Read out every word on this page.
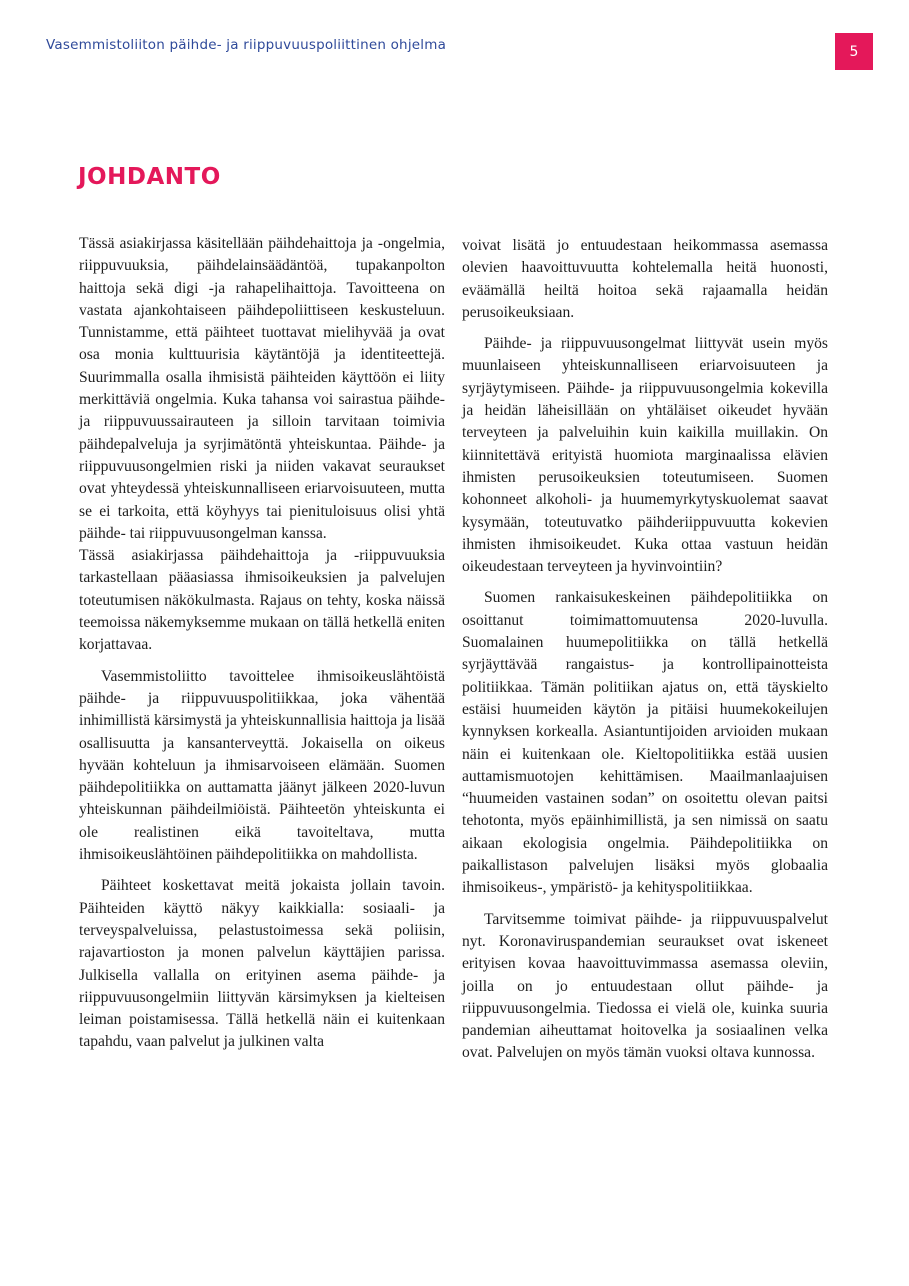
Vasemmistoliiton päihde- ja riippuvuuspoliittinen ohjelma	5
JOHDANTO

Tässä asiakirjassa käsitellään päihdehaittoja ja -ongelmia, riippuvuuksia, päihdelainsäädäntöä, tupakanpolton haittoja sekä digi -ja rahapelihaittoja. Tavoitteena on vastata ajankohtaiseen päihdepoliittiseen keskusteluun. Tunnistamme, että päihteet tuottavat mielihyvää ja ovat osa monia kulttuurisia käytäntöjä ja identiteettejä. Suurimmalla osalla ihmisistä päihteiden käyttöön ei liity merkittäviä ongelmia. Kuka tahansa voi sairastua päihde- ja riippuvuussairauteen ja silloin tarvitaan toimivia päihdepalveluja ja syrjimätöntä yhteiskuntaa. Päihde- ja riippuvuusongelmien riski ja niiden vakavat seuraukset ovat yhteydessä yhteiskunnalliseen eriarvoisuuteen, mutta se ei tarkoita, että köyhyys tai pienituloisuus olisi yhtä päihde- tai riippuvuusongelman kanssa.

Tässä asiakirjassa päihdehaittoja ja -riippuvuuksia tarkastellaan pääasiassa ihmisoikeuksien ja palvelujen toteutumisen näkökulmasta. Rajaus on tehty, koska näissä teemoissa näkemyksemme mukaan on tällä hetkellä eniten korjattavaa.

Vasemmistoliitto tavoittelee ihmisoikeuslähtöistä päihde- ja riippuvuuspolitiikkaa, joka vähentää inhimillistä kärsimystä ja yhteiskunnallisia haittoja ja lisää osallisuutta ja kansanterveyttä. Jokaisella on oikeus hyvään kohteluun ja ihmisarvoiseen elämään. Suomen päihdepolitiikka on auttamatta jäänyt jälkeen 2020-luvun yhteiskunnan päihdeilmiöistä. Päihteetön yhteiskunta ei ole realistinen eikä tavoiteltava, mutta ihmisoikeuslähtöinen päihdepolitiikka on mahdollista.

Päihteet koskettavat meitä jokaista jollain tavoin. Päihteiden käyttö näkyy kaikkialla: sosiaali- ja terveyspalveluissa, pelastustoimessa sekä poliisin, rajavartioston ja monen palvelun käyttäjien parissa. Julkisella vallalla on erityinen asema päihde- ja riippuvuusongelmiin liittyvän kärsimyksen ja kielteisen leiman poistamisessa. Tällä hetkellä näin ei kuitenkaan tapahdu, vaan palvelut ja julkinen valta

voivat lisätä jo entuudestaan heikommassa asemassa olevien haavoittuvuutta kohtelemalla heitä huonosti, eväämällä heiltä hoitoa sekä rajaamalla heidän perusoikeuksiaan.

Päihde- ja riippuvuusongelmat liittyvät usein myös muunlaiseen yhteiskunnalliseen eriarvoisuuteen ja syrjäytymiseen. Päihde- ja riippuvuusongelmia kokevilla ja heidän läheisillään on yhtäläiset oikeudet hyvään terveyteen ja palveluihin kuin kaikilla muillakin. On kiinnitettävä erityistä huomiota marginaalissa elävien ihmisten perusoikeuksien toteutumiseen. Suomen kohonneet alkoholi- ja huumemyrkytyskuolemat saavat kysymään, toteutuvatko päihderiippuvuutta kokevien ihmisten ihmisoikeudet. Kuka ottaa vastuun heidän oikeudestaan terveyteen ja hyvinvointiin?

Suomen rankaisukeskeinen päihdepolitiikka on osoittanut toimimattomuutensa 2020-luvulla. Suomalainen huumepolitiikka on tällä hetkellä syrjäyttävää rangaistus- ja kontrollipainotteista politiikkaa. Tämän politiikan ajatus on, että täyskielto estäisi huumeiden käytön ja pitäisi huumekokeilujen kynnyksen korkealla. Asiantuntijoiden arvioiden mukaan näin ei kuitenkaan ole. Kieltopolitiikka estää uusien auttamismuotojen kehittämisen. Maailmanlaajuisen “huumeiden vastainen sodan” on osoitettu olevan paitsi tehotonta, myös epäinhimillistä, ja sen nimissä on saatu aikaan ekologisia ongelmia. Päihdepolitiikka on paikallistason palvelujen lisäksi myös globaalia ihmisoikeus-, ympäristö- ja kehityspolitiikkaa.

Tarvitsemme toimivat päihde- ja riippuvuuspalvelut nyt. Koronaviruspandemian seuraukset ovat iskeneet erityisen kovaa haavoittuvimmassa asemassa oleviin, joilla on jo entuudestaan ollut päihde- ja riippuvuusongelmia. Tiedossa ei vielä ole, kuinka suuria pandemian aiheuttamat hoitovelka ja sosiaalinen velka ovat. Palvelujen on myös tämän vuoksi oltava kunnossa.
